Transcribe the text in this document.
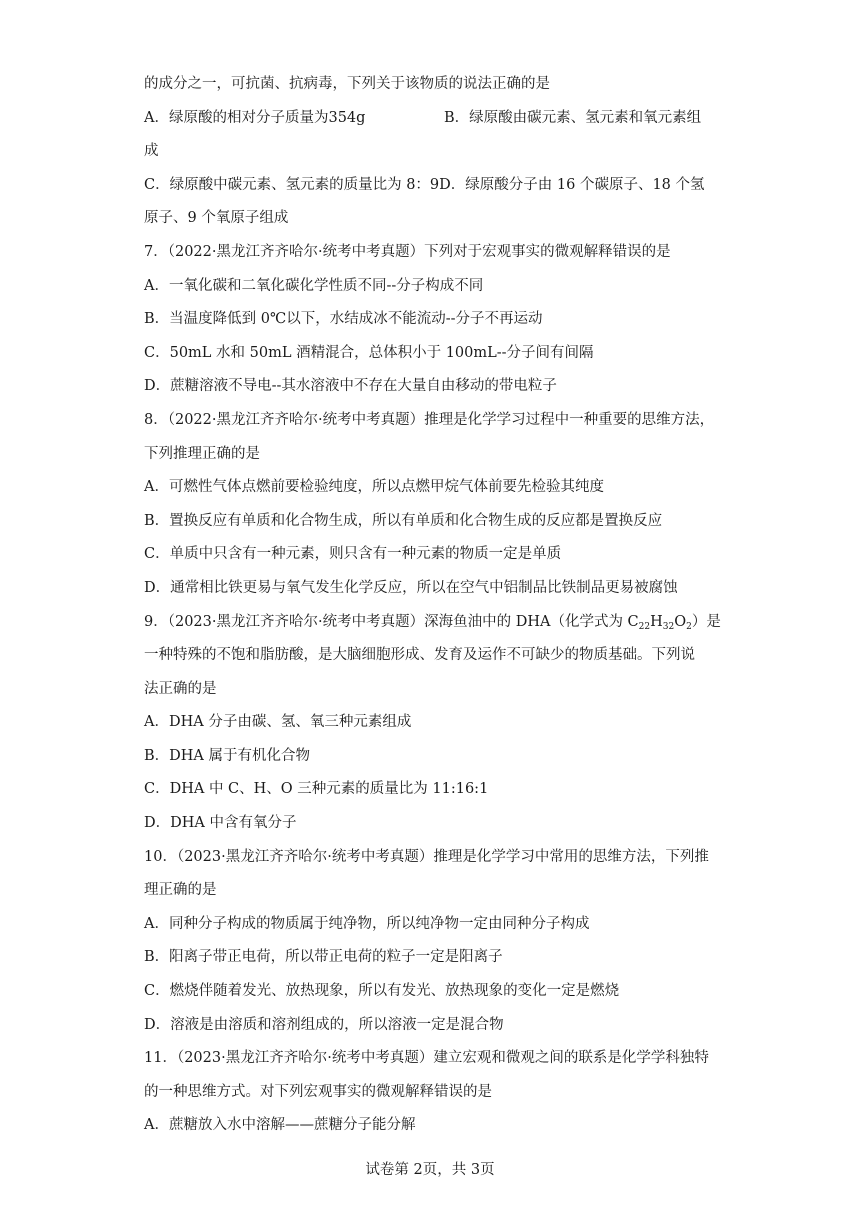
的成分之一，可抗菌、抗病毒，下列关于该物质的说法正确的是
A．绿原酸的相对分子质量为354g	B．绿原酸由碳元素、氢元素和氧元素组
成
C．绿原酸中碳元素、氢元素的质量比为 8：9D．绿原酸分子由 16 个碳原子、18 个氢
原子、9 个氧原子组成
7．（2022·黑龙江齐齐哈尔·统考中考真题）下列对于宏观事实的微观解释错误的是
A．一氧化碳和二氧化碳化学性质不同--分子构成不同
B．当温度降低到 0℃以下，水结成冰不能流动--分子不再运动
C．50mL 水和 50mL 酒精混合，总体积小于 100mL--分子间有间隔
D．蔗糖溶液不导电--其水溶液中不存在大量自由移动的带电粒子
8．（2022·黑龙江齐齐哈尔·统考中考真题）推理是化学学习过程中一种重要的思维方法，
下列推理正确的是
A．可燃性气体点燃前要检验纯度，所以点燃甲烷气体前要先检验其纯度
B．置换反应有单质和化合物生成，所以有单质和化合物生成的反应都是置换反应
C．单质中只含有一种元素，则只含有一种元素的物质一定是单质
D．通常相比铁更易与氧气发生化学反应，所以在空气中铝制品比铁制品更易被腐蚀
9．（2023·黑龙江齐齐哈尔·统考中考真题）深海鱼油中的 DHA（化学式为 $C_{22}H_{32}O_2$）是
一种特殊的不饱和脂肪酸，是大脑细胞形成、发育及运作不可缺少的物质基础。下列说
法正确的是
A．DHA 分子由碳、氢、氧三种元素组成
B．DHA 属于有机化合物
C．DHA 中 C、H、O 三种元素的质量比为 11:16:1
D．DHA 中含有氧分子
10．（2023·黑龙江齐齐哈尔·统考中考真题）推理是化学学习中常用的思维方法，下列推
理正确的是
A．同种分子构成的物质属于纯净物，所以纯净物一定由同种分子构成
B．阳离子带正电荷，所以带正电荷的粒子一定是阳离子
C．燃烧伴随着发光、放热现象，所以有发光、放热现象的变化一定是燃烧
D．溶液是由溶质和溶剂组成的，所以溶液一定是混合物
11．（2023·黑龙江齐齐哈尔·统考中考真题）建立宏观和微观之间的联系是化学学科独特
的一种思维方式。对下列宏观事实的微观解释错误的是
A．蔗糖放入水中溶解——蔗糖分子能分解
试卷第 2页，共 3页
